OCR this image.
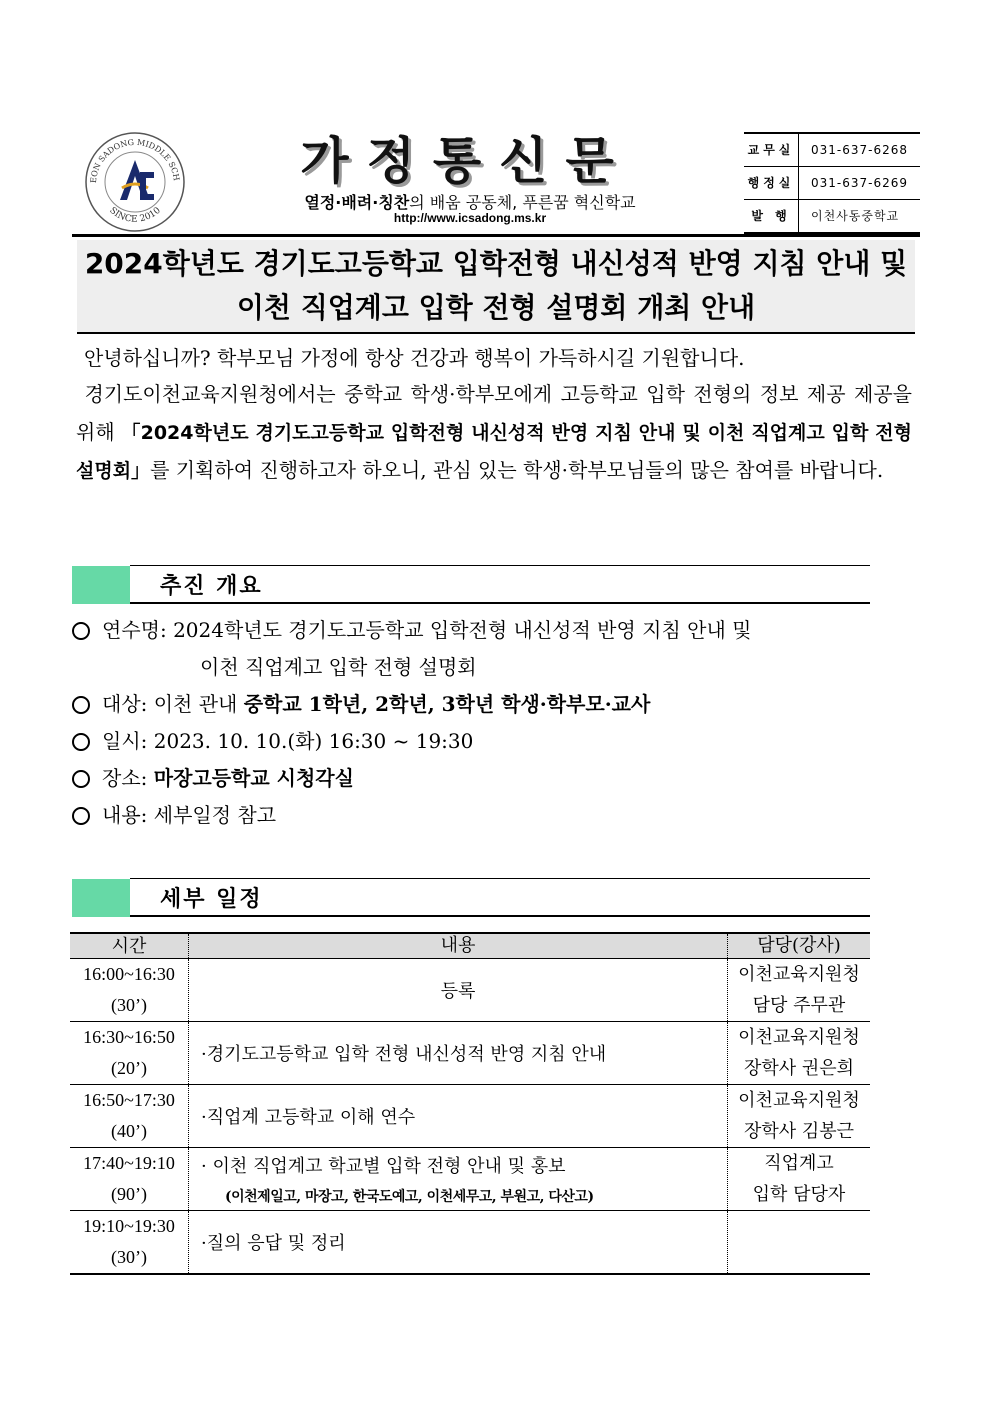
EON SADONG MIDDLE SCH
SINCE 2010
가정통신문
열정·배려·칭찬의 배움 공동체, 푸른꿈 혁신학교
http://www.icsadong.ms.kr
교무실	031-637-6268
행정실	031-637-6269
발 행	이천사동중학교
2024학년도 경기도고등학교 입학전형 내신성적 반영 지침 안내 및
이천 직업계고 입학 전형 설명회 개최 안내
안녕하십니까? 학부모님 가정에 항상 건강과 행복이 가득하시길 기원합니다.
경기도이천교육지원청에서는 중학교 학생·학부모에게 고등학교 입학 전형의 정보 제공 제공을 위해 「2024학년도 경기도고등학교 입학전형 내신성적 반영 지침 안내 및 이천 직업계고 입학 전형 설명회」를 기획하여 진행하고자 하오니, 관심 있는 학생·학부모님들의 많은 참여를 바랍니다.
추진 개요
연수명: 2024학년도 경기도고등학교 입학전형 내신성적 반영 지침 안내 및
이천 직업계고 입학 전형 설명회
대상: 이천 관내 중학교 1학년, 2학년, 3학년 학생·학부모·교사
일시: 2023. 10. 10.(화) 16:30 ~ 19:30
장소: 마장고등학교 시청각실
내용: 세부일정 참고
세부 일정
시간	내용	담당(강사)

16:00~16:30
(30’)	등록	이천교육지원청
담당 주무관

16:30~16:50
(20’)	·경기도고등학교 입학 전형 내신성적 반영 지침 안내	이천교육지원청
장학사 권은희

16:50~17:30
(40’)	·직업계 고등학교 이해 연수	이천교육지원청
장학사 김봉근

17:40~19:10
(90’)	· 이천 직업계고 학교별 입학 전형 안내 및 홍보
(이천제일고, 마장고, 한국도예고, 이천세무고, 부원고, 다산고)	직업계고
입학 담당자

19:10~19:30
(30’)	·질의 응답 및 정리	
